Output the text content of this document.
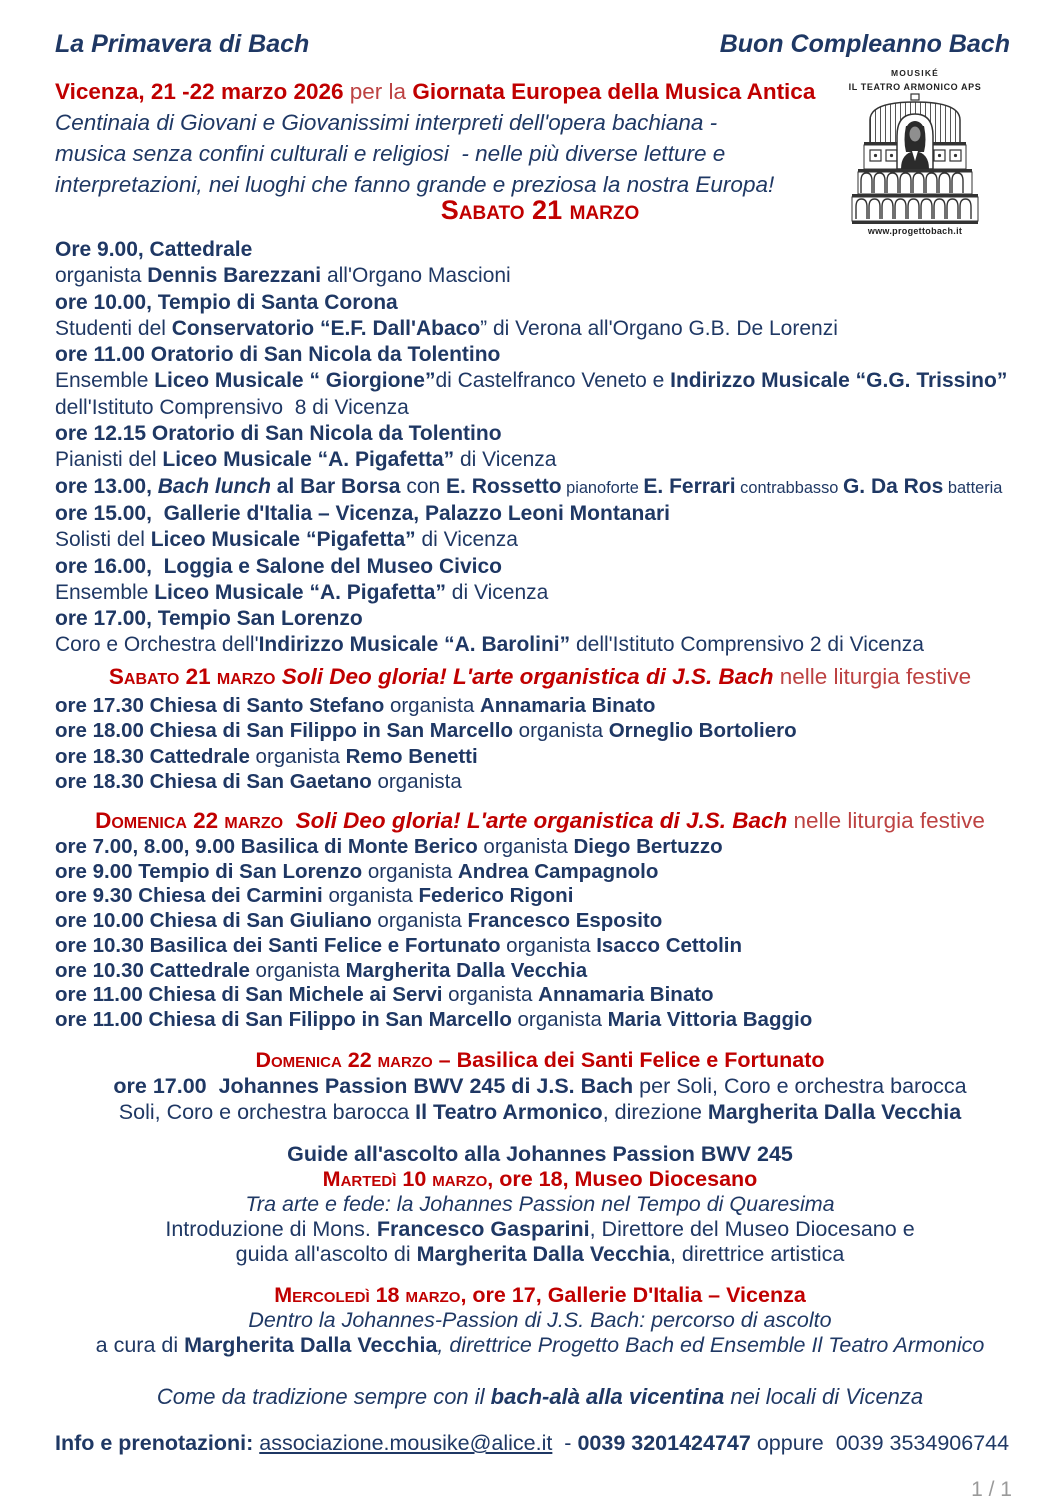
La Primavera di Bach	Buon Compleanno Bach
Vicenza, 21 -22 marzo 2026 per la Giornata Europea della Musica Antica
Centinaia di Giovani e Giovanissimi interpreti dell'opera bachiana -
musica senza confini culturali e religiosi  - nelle più diverse letture e
interpretazioni, nei luoghi che fanno grande e preziosa la nostra Europa!
MOUSIKÉ
IL TEATRO ARMONICO APS
www.progettobach.it
Sabato 21 marzo
Ore 9.00, Cattedrale
organista Dennis Barezzani all'Organo Mascioni
ore 10.00, Tempio di Santa Corona
Studenti del Conservatorio “E.F. Dall'Abaco” di Verona all'Organo G.B. De Lorenzi
ore 11.00 Oratorio di San Nicola da Tolentino
Ensemble Liceo Musicale “ Giorgione”di Castelfranco Veneto e Indirizzo Musicale “G.G. Trissino”
dell'Istituto Comprensivo  8 di Vicenza
ore 12.15 Oratorio di San Nicola da Tolentino
Pianisti del Liceo Musicale “A. Pigafetta” di Vicenza
ore 13.00, Bach lunch al Bar Borsa con E. Rossetto pianoforte E. Ferrari contrabbasso G. Da Ros batteria
ore 15.00,  Gallerie d'Italia – Vicenza, Palazzo Leoni Montanari
Solisti del Liceo Musicale “Pigafetta” di Vicenza
ore 16.00,  Loggia e Salone del Museo Civico
Ensemble Liceo Musicale “A. Pigafetta” di Vicenza
ore 17.00, Tempio San Lorenzo
Coro e Orchestra dell'Indirizzo Musicale “A. Barolini” dell'Istituto Comprensivo 2 di Vicenza
Sabato 21 marzo Soli Deo gloria! L'arte organistica di J.S. Bach nelle liturgia festive
ore 17.30 Chiesa di Santo Stefano organista Annamaria Binato
ore 18.00 Chiesa di San Filippo in San Marcello organista Orneglio Bortoliero
ore 18.30 Cattedrale organista Remo Benetti
ore 18.30 Chiesa di San Gaetano organista
Domenica 22 marzo  Soli Deo gloria! L'arte organistica di J.S. Bach nelle liturgia festive
ore 7.00, 8.00, 9.00 Basilica di Monte Berico organista Diego Bertuzzo
ore 9.00 Tempio di San Lorenzo organista Andrea Campagnolo
ore 9.30 Chiesa dei Carmini organista Federico Rigoni
ore 10.00 Chiesa di San Giuliano organista Francesco Esposito
ore 10.30 Basilica dei Santi Felice e Fortunato organista Isacco Cettolin
ore 10.30 Cattedrale organista Margherita Dalla Vecchia
ore 11.00 Chiesa di San Michele ai Servi organista Annamaria Binato
ore 11.00 Chiesa di San Filippo in San Marcello organista Maria Vittoria Baggio
Domenica 22 marzo – Basilica dei Santi Felice e Fortunato
ore 17.00  Johannes Passion BWV 245 di J.S. Bach per Soli, Coro e orchestra barocca
Soli, Coro e orchestra barocca Il Teatro Armonico, direzione Margherita Dalla Vecchia
Guide all'ascolto alla Johannes Passion BWV 245
Martedì 10 marzo, ore 18, Museo Diocesano
Tra arte e fede: la Johannes Passion nel Tempo di Quaresima
Introduzione di Mons. Francesco Gasparini, Direttore del Museo Diocesano e
guida all'ascolto di Margherita Dalla Vecchia, direttrice artistica
Mercoledì 18 marzo, ore 17, Gallerie D'Italia – Vicenza
Dentro la Johannes-Passion di J.S. Bach: percorso di ascolto
a cura di Margherita Dalla Vecchia, direttrice Progetto Bach ed Ensemble Il Teatro Armonico
Come da tradizione sempre con il bach-alà alla vicentina nei locali di Vicenza
Info e prenotazioni: associazione.mousike@alice.it  - 0039 3201424747 oppure  0039 3534906744
1 / 1
